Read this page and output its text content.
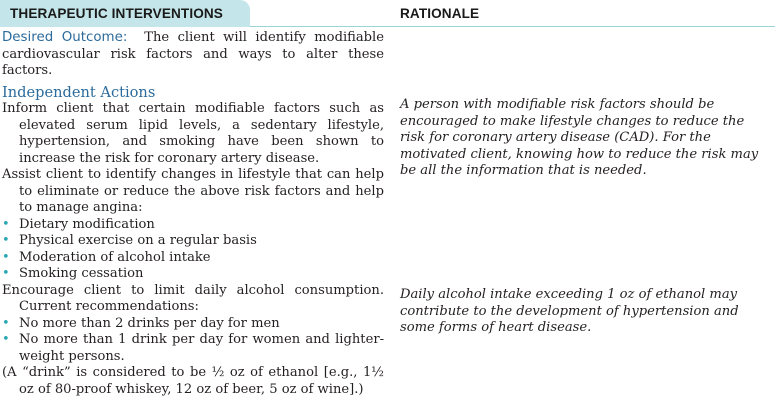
THERAPEUTIC INTERVENTIONS	RATIONALE
Desired Outcome: The client will identify modifiable cardiovascular risk factors and ways to alter these factors.
Independent Actions
Inform client that certain modifiable factors such as elevated serum lipid levels, a sedentary lifestyle, hypertension, and smoking have been shown to increase the risk for coronary artery disease.
Assist client to identify changes in lifestyle that can help to eliminate or reduce the above risk factors and help to manage angina:
• Dietary modification
• Physical exercise on a regular basis
• Moderation of alcohol intake
• Smoking cessation
Encourage client to limit daily alcohol consumption. Current recommendations:
• No more than 2 drinks per day for men
• No more than 1 drink per day for women and lighter-weight persons.
(A “drink” is considered to be ½ oz of ethanol [e.g., 1½ oz of 80-proof whiskey, 12 oz of beer, 5 oz of wine].)
A person with modifiable risk factors should be encouraged to make lifestyle changes to reduce the risk for coronary artery disease (CAD). For the motivated client, knowing how to reduce the risk may be all the information that is needed.
Daily alcohol intake exceeding 1 oz of ethanol may contribute to the development of hypertension and some forms of heart disease.
